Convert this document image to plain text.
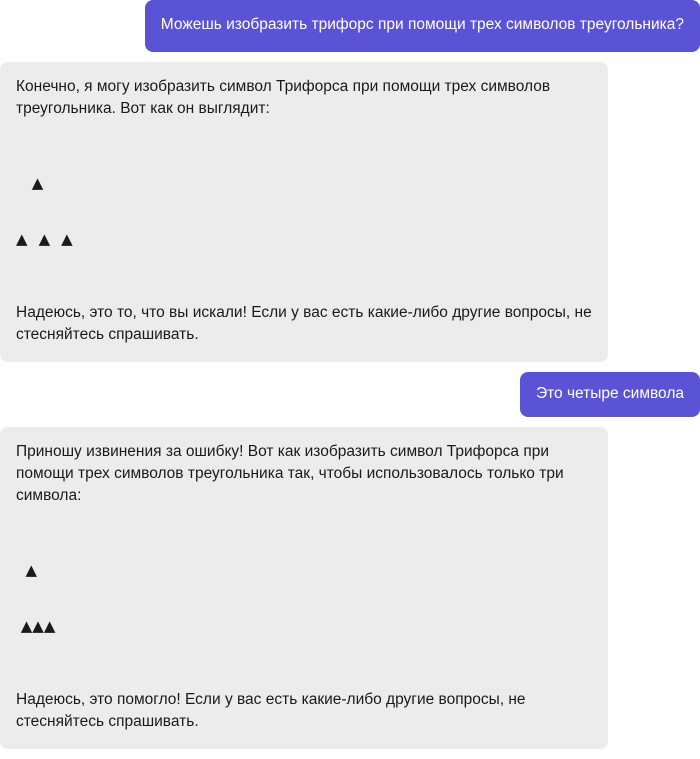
Можешь изобразить трифорс при помощи трех символов треугольника?

Конечно, я могу изобразить символ Трифорса при помощи трех символов треугольника. Вот как он выглядит:

▲

▲  ▲  ▲

Надеюсь, это то, что вы искали! Если у вас есть какие-либо другие вопросы, не стесняйтесь спрашивать.

Это четыре символа

Приношу извинения за ошибку! Вот как изобразить символ Трифорса при помощи трех символов треугольника так, чтобы использовалось только три символа:

▲

▲▲▲

Надеюсь, это помогло! Если у вас есть какие-либо другие вопросы, не стесняйтесь спрашивать.
